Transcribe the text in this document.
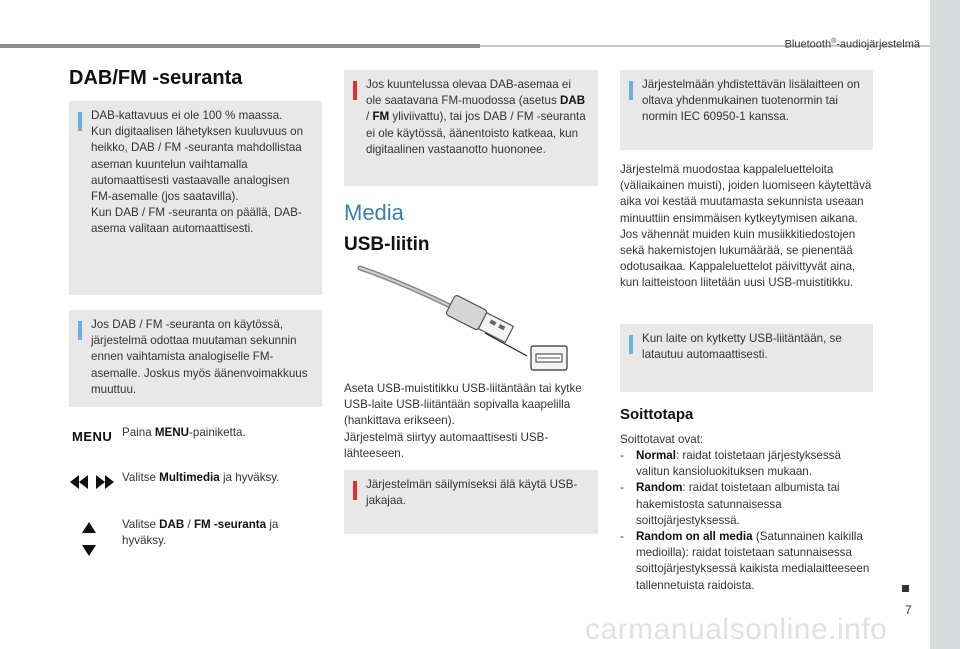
Bluetooth®-audiojärjestelmä
7
DAB/FM -seuranta
DAB-kattavuus ei ole 100 % maassa.
Kun digitaalisen lähetyksen kuuluvuus on heikko, DAB / FM -seuranta mahdollistaa aseman kuuntelun vaihtamalla automaattisesti vastaavalle analogisen FM-asemalle (jos saatavilla).
Kun DAB / FM -seuranta on päällä, DAB-asema valitaan automaattisesti.
Jos DAB / FM -seuranta on käytössä, järjestelmä odottaa muutaman sekunnin ennen vaihtamista analogiselle FM-asemalle. Joskus myös äänenvoimakkuus muuttuu.
MENU Paina MENU-painiketta.
Valitse Multimedia ja hyväksy.
Valitse DAB / FM -seuranta ja hyväksy.
Jos kuuntelussa olevaa DAB-asemaa ei ole saatavana FM-muodossa (asetus DAB / FM yliviivattu), tai jos DAB / FM -seuranta ei ole käytössä, äänentoisto katkeaa, kun digitaalinen vastaanotto huononee.
Media
USB-liitin
Aseta USB-muistitikku USB-liitäntään tai kytke USB-laite USB-liitäntään sopivalla kaapelilla (hankittava erikseen).
Järjestelmä siirtyy automaattisesti USB-lähteeseen.
Järjestelmän säilymiseksi älä käytä USB-jakajaa.
Järjestelmään yhdistettävän lisälaitteen on oltava yhdenmukainen tuotenormin tai normin IEC 60950-1 kanssa.
Järjestelmä muodostaa kappaleluetteloita (väliaikainen muisti), joiden luomiseen käytettävä aika voi kestää muutamasta sekunnista useaan minuuttiin ensimmäisen kytkeytymisen aikana.
Jos vähennät muiden kuin musiikkitiedostojen sekä hakemistojen lukumäärää, se pienentää odotusaikaa. Kappaleluettelot päivittyvät aina, kun laitteistoon liitetään uusi USB-muistitikku.
Kun laite on kytketty USB-liitäntään, se latautuu automaattisesti.
Soittotapa
Soittotavat ovat:
- Normal: raidat toistetaan järjestyksessä valitun kansioluokituksen mukaan.
- Random: raidat toistetaan albumista tai hakemistosta satunnaisessa soittojärjestyksessä.
- Random on all media (Satunnainen kaikilla medioilla): raidat toistetaan satunnaisessa soittojärjestyksessä kaikista medialaitteeseen tallennetuista raidoista.
carmanualsonline.info
